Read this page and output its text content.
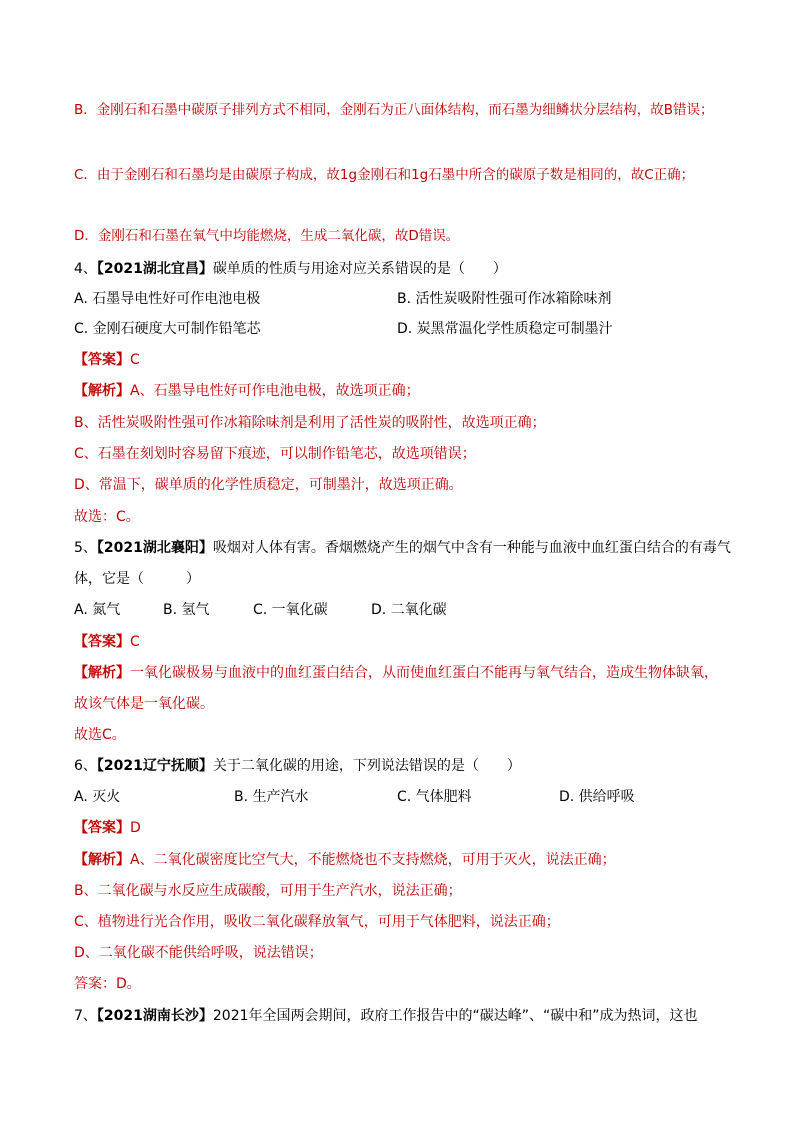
B．金刚石和石墨中碳原子排列方式不相同，金刚石为正八面体结构，而石墨为细鳞状分层结构，故B错误；
C．由于金刚石和石墨均是由碳原子构成，故1g金刚石和1g石墨中所含的碳原子数是相同的，故C正确；
D．金刚石和石墨在氧气中均能燃烧，生成二氧化碳，故D错误。
4、【2021湖北宜昌】碳单质的性质与用途对应关系错误的是（　　）
A. 石墨导电性好可作电池电极	B. 活性炭吸附性强可作冰箱除味剂
C. 金刚石硬度大可制作铅笔芯	D. 炭黑常温化学性质稳定可制墨汁
【答案】C
【解析】A、石墨导电性好可作电池电极，故选项正确；
B、活性炭吸附性强可作冰箱除味剂是利用了活性炭的吸附性，故选项正确；
C、石墨在刻划时容易留下痕迹，可以制作铅笔芯，故选项错误；
D、常温下，碳单质的化学性质稳定，可制墨汁，故选项正确。
故选：C。
5、【2021湖北襄阳】吸烟对人体有害。香烟燃烧产生的烟气中含有一种能与血液中血红蛋白结合的有毒气
体，它是（　　　）
A. 氮气	B. 氢气	C. 一氧化碳	D. 二氧化碳
【答案】C
【解析】一氧化碳极易与血液中的血红蛋白结合，从而使血红蛋白不能再与氧气结合，造成生物体缺氧，
故该气体是一氧化碳。
故选C。
6、【2021辽宁抚顺】关于二氧化碳的用途，下列说法错误的是（　　）
A. 灭火	B. 生产汽水	C. 气体肥料	D. 供给呼吸
【答案】D
【解析】A、二氧化碳密度比空气大，不能燃烧也不支持燃烧，可用于灭火，说法正确；
B、二氧化碳与水反应生成碳酸，可用于生产汽水，说法正确；
C、植物进行光合作用，吸收二氧化碳释放氧气，可用于气体肥料，说法正确；
D、二氧化碳不能供给呼吸，说法错误；
答案：D。
7、【2021湖南长沙】2021年全国两会期间，政府工作报告中的“碳达峰”、“碳中和”成为热词，这也
